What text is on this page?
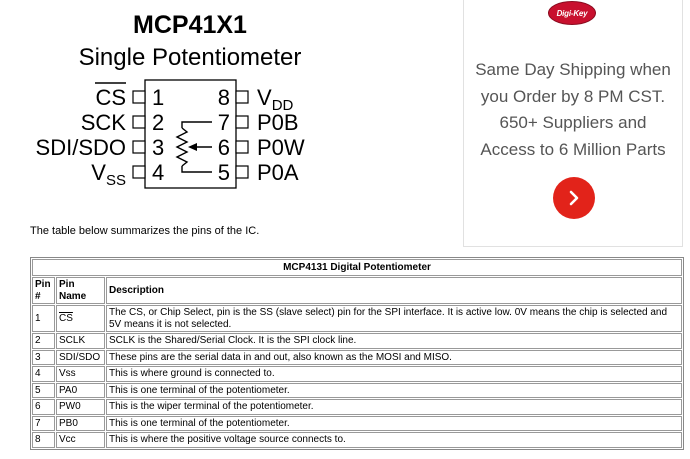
MCP41X1
Single Potentiometer
CS
SCK
SDI/SDO
$V_{SS}$
1
2
3
4
8
7
6
5
$V_{DD}$
P0B
P0W
P0A
Digi-Key
Same Day Shipping when
you Order by 8 PM CST.
650+ Suppliers and
Access to 6 Million Parts
The table below summarizes the pins of the IC.
MCP4131 Digital Potentiometer		
Pin #	Pin Name	Description
1	$\overline{CS}$	The CS, or Chip Select, pin is the SS (slave select) pin for the SPI interface. It is active low. 0V means the chip is selected and 5V means it is not selected.
2	SCLK	SCLK is the Shared/Serial Clock. It is the SPI clock line.
3	SDI/SDO	These pins are the serial data in and out, also known as the MOSI and MISO.
4	Vss	This is where ground is connected to.
5	PA0	This is one terminal of the potentiometer.
6	PW0	This is the wiper terminal of the potentiometer.
7	PB0	This is one terminal of the potentiometer.
8	Vcc	This is where the positive voltage source connects to.
